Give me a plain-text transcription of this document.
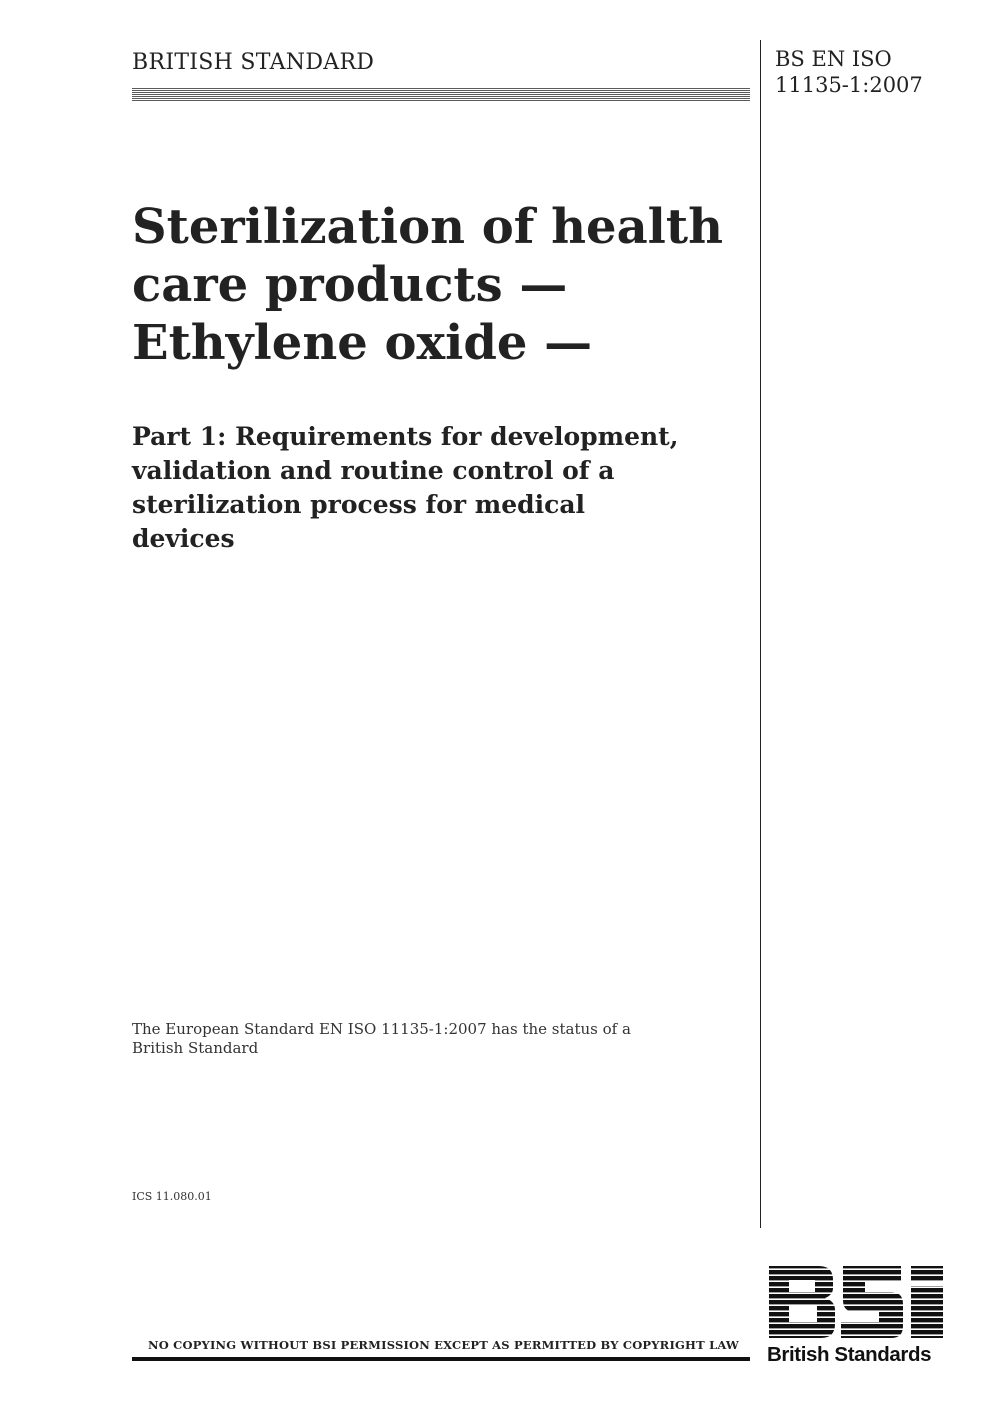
BRITISH STANDARD	BS EN ISO
11135-1:2007
Sterilization of health
care products —
Ethylene oxide —
Part 1: Requirements for development,
validation and routine control of a
sterilization process for medical
devices
The European Standard EN ISO 11135-1:2007 has the status of a
British Standard
ICS 11.080.01
NO COPYING WITHOUT BSI PERMISSION EXCEPT AS PERMITTED BY COPYRIGHT LAW British Standards
